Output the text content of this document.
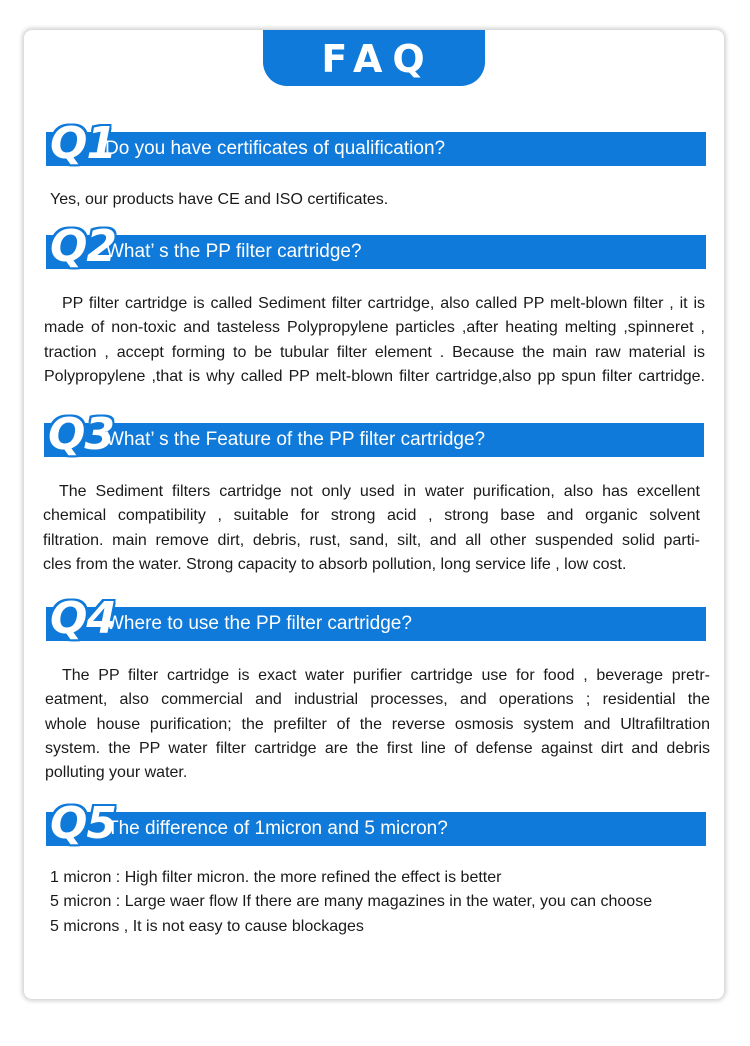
FAQ
Q1
Do you have certificates of qualification?

Yes, our products have CE and ISO certificates.

Q2
What’ s the PP filter cartridge?

PP filter cartridge is called Sediment filter cartridge, also called PP melt-blown filter , it is

made of non-toxic and tasteless Polypropylene particles ,after heating melting ,spinneret ,

traction , accept forming to be tubular filter element . Because the main raw material is

Polypropylene ,that is why called PP melt-blown filter cartridge,also pp spun filter cartridge.

Q3
What’ s the Feature of the PP filter cartridge?

The Sediment filters cartridge not only used in water purification, also has excellent

chemical compatibility , suitable for strong acid , strong base and organic solvent

filtration. main remove dirt, debris, rust, sand, silt, and all other suspended solid parti-

cles from the water. Strong capacity to absorb pollution, long service life , low cost.

Q4
Where to use the PP filter cartridge?

The PP filter cartridge is exact water purifier cartridge use for food , beverage pretr-

eatment, also commercial and industrial processes, and operations ; residential the

whole house purification; the prefilter of the reverse osmosis system and Ultrafiltration

system. the PP water filter cartridge are the first line of defense against dirt and debris

polluting your water.

Q5
The difference of 1micron and 5 micron?

1 micron : High filter micron. the more refined the effect is better

5 micron : Large waer flow If there are many magazines in the water, you can choose

5 microns , It is not easy to cause blockages
